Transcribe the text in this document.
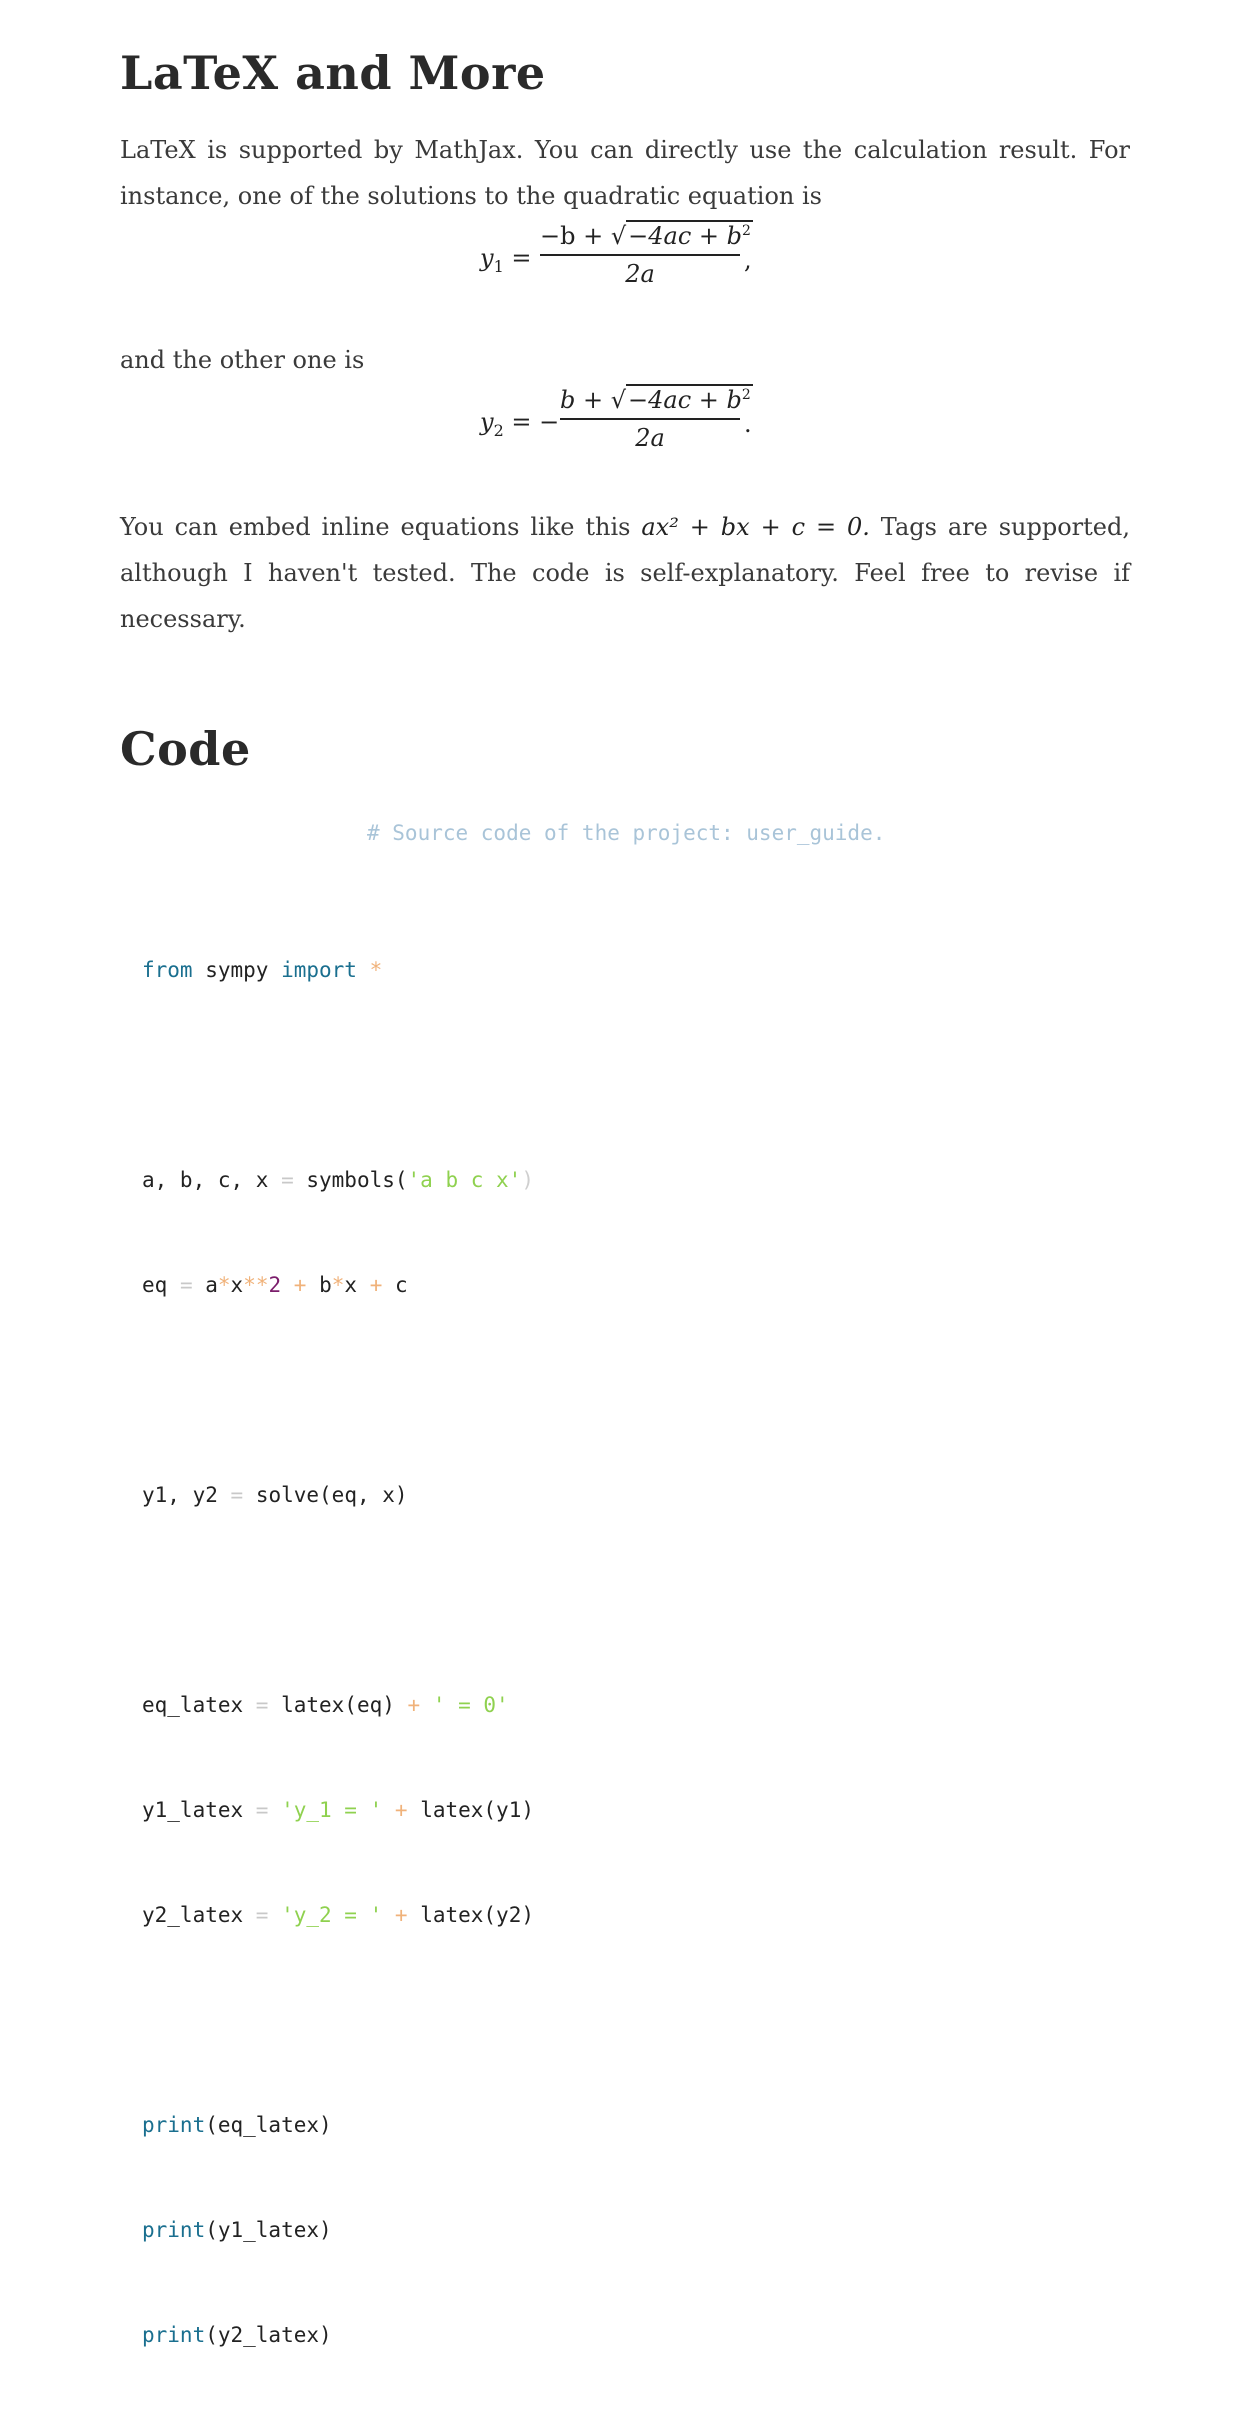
LaTeX and More
LaTeX is supported by MathJax. You can directly use the calculation result. For
instance, one of the solutions to the quadratic equation is
$y_1$ =
$-b + √-4ac + b^2$
2a	,
and the other one is
$y_2$ = −
$b + √-4ac + b^2$
2a	.
You can embed inline equations like this ax² + bx + c = 0. Tags are supported,
although I haven't tested. The code is self-explanatory. Feel free to revise if
necessary.
Code
# Source code of the project: user_guide.

from sympy import *

a, b, c, x = symbols('a b c x')

eq = a*x**2 + b*x + c

y1, y2 = solve(eq, x)

eq_latex = latex(eq) + ' = 0'

y1_latex = 'y_1 = ' + latex(y1)

y2_latex = 'y_2 = ' + latex(y2)

print(eq_latex)

print(y1_latex)

print(y2_latex)
